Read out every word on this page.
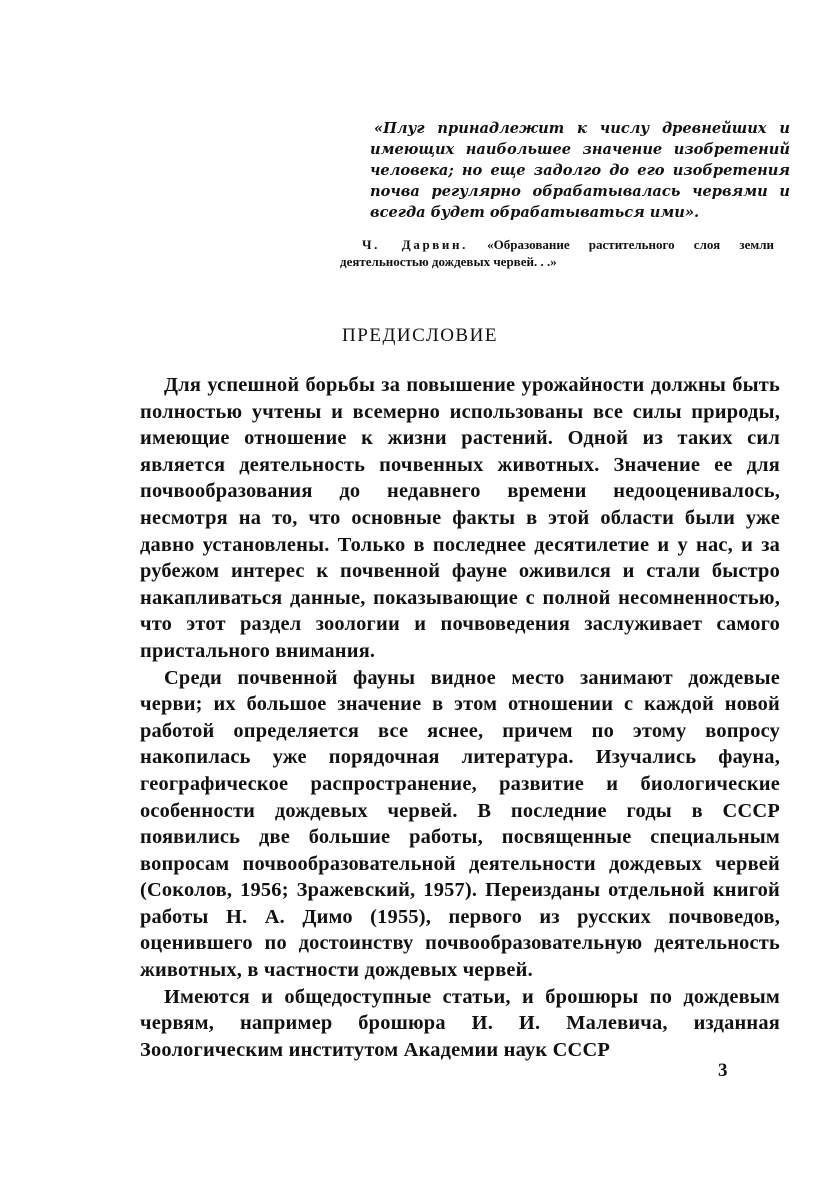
«Плуг принадлежит к числу древнейших и имеющих наибольшее значение изобретений человека; но еще задолго до его изобретения почва регулярно обрабатывалась червями и всегда будет обрабатываться ими».
Ч. Дарвин. «Образование растительного слоя земли деятельностью дождевых червей. . .»
ПРЕДИСЛОВИЕ

Для успешной борьбы за повышение урожайности должны быть полностью учтены и всемерно использованы все силы природы, имеющие отношение к жизни растений. Одной из таких сил является деятельность почвенных животных. Значение ее для почвообразования до недавнего времени недооценивалось, несмотря на то, что основные факты в этой области были уже давно установлены. Только в последнее десятилетие и у нас, и за рубежом интерес к почвенной фауне оживился и стали быстро накапливаться данные, показывающие с полной несомненностью, что этот раздел зоологии и почвоведения заслуживает самого пристального внимания.

Среди почвенной фауны видное место занимают дождевые черви; их большое значение в этом отношении с каждой новой работой определяется все яснее, причем по этому вопросу накопилась уже порядочная литература. Изучались фауна, географическое распространение, развитие и биологические особенности дождевых червей. В последние годы в СССР появились две большие работы, посвященные специальным вопросам почвообразовательной деятельности дождевых червей (Соколов, 1956; Зражевский, 1957). Переизданы отдельной книгой работы Н. А. Димо (1955), первого из русских почвоведов, оценившего по достоинству почвообразовательную деятельность животных, в частности дождевых червей.

Имеются и общедоступные статьи, и брошюры по дождевым червям, например брошюра И. И. Малевича, изданная Зоологическим институтом Академии наук СССР

3
